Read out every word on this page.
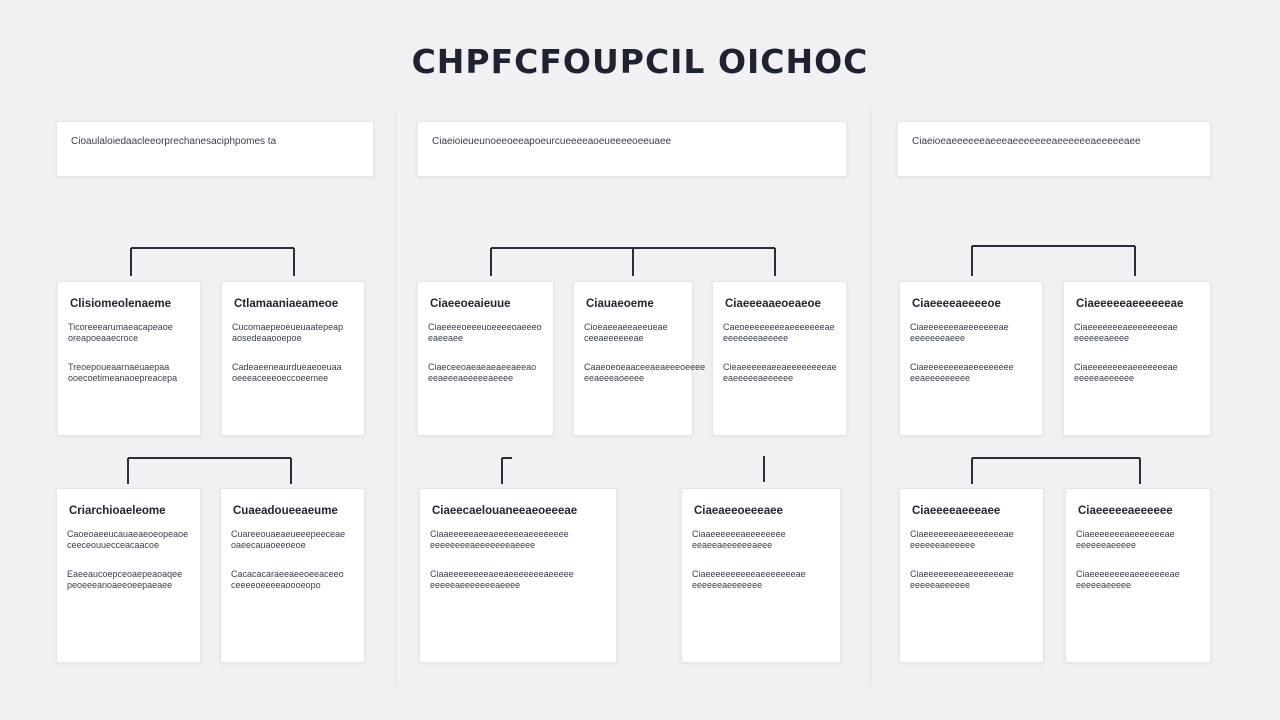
CHPFCFOUPCIL OICHOC
Cioaulaloiedaacleeorprechanesaciphpomes ta
Clisiomeolenaeme
Ticoreeearumaeacapeaoe oreapoeaaecroce
Treoepoueaarnaeuaepaa ooecoetimeanaoepreacepa
Ctlamaaniaeameoe
Cucomaepeoeueuaatepeap aosedeaaooepoe
Cadeaeeneaurdueaeoeuaa oeeeaceeeoeccoeemee
Criarchioaeleome
Caoeoaeeucauaeaeoeopeaoe ceeceouuecceacaacoe
Eaeeaucoepceoaepeaoaqee peoeeeanoaeeoeepaeaee
Cuaeadoueeaeume
Cuareeouaeaeueeepeeceae oaeecauaoeeoeoe
Cacacacaraeeaeeoeeaceeo ceeeeoeeeeaoooeopo
Ciaeioieueunoeeoeeapoeurcueeeeaoeueeeeoeeuaee
Ciaeeoeaieuue
Ciaeeeeoeeeuoeeeeoaeeeo eaeeaee
Ciaeceeoaeaeaeaeeaeeao eeaeeeaeeeeeaeeee
Ciauaeoeme
Cioeaeeaeeaeeueae ceeaeeeeeeae
Caaeoeoeaaceeaeaeeeoeeee eeaeeeaoeeee
Ciaeeeaaeoeaeoe
Caeoeeeeeeeeaeeeeeeeae eeeeeeeaeeeee
Cieaeeeeeaeeaeeeeeeeeae eaeeeeeaeeeeee
Ciaeecaelouaneeaeoeeeae
Ciaaeeeeeaeeaeeeeeeaeeeeeeee eeeeeeeeaeeeeeeeaeeee
Ciaaeeeeeeeeaeeaeeeeeeeaeeeee eeeeeaeeeeeeeaeeee
Ciaeaeeoeeeaee
Ciaaeeeeeeaeeeeeeee eeaeeaeeeeeeaeee
Ciaeeeeeeeeeeaeeeeeeeae eeeeeeaeeeeeee
Ciaeioeaeeeeeeaeeeaeeeeeeeaeeeeeeaeeeeeaee
Ciaeeeeaeeeeoe
Ciaeeeeeeeaeeeeeeeae eeeeeeeaeee
Ciaeeeeeeeeaeeeeeeeee eeaeeeeeeeee
Ciaeeeeeaeeeeeeae
Ciaeeeeeeeaeeeeeeeeae eeeeeeaeeee
Ciaeeeeeeeeaeeeeeeeae eeeeeaeeeeee
Ciaeeeeaeeeaee
Ciaeeeeeeeaeeeeeeeeae eeeeeeaeeeeee
Ciaeeeeeeeeaeeeeeeeae eeeeeaeeeeee
Ciaeeeeeaeeeeee
Ciaeeeeeeeaeeeeeeeae eeeeeeaeeeee
Ciaeeeeeeeeaeeeeeeeae eeeeeaeeeee
